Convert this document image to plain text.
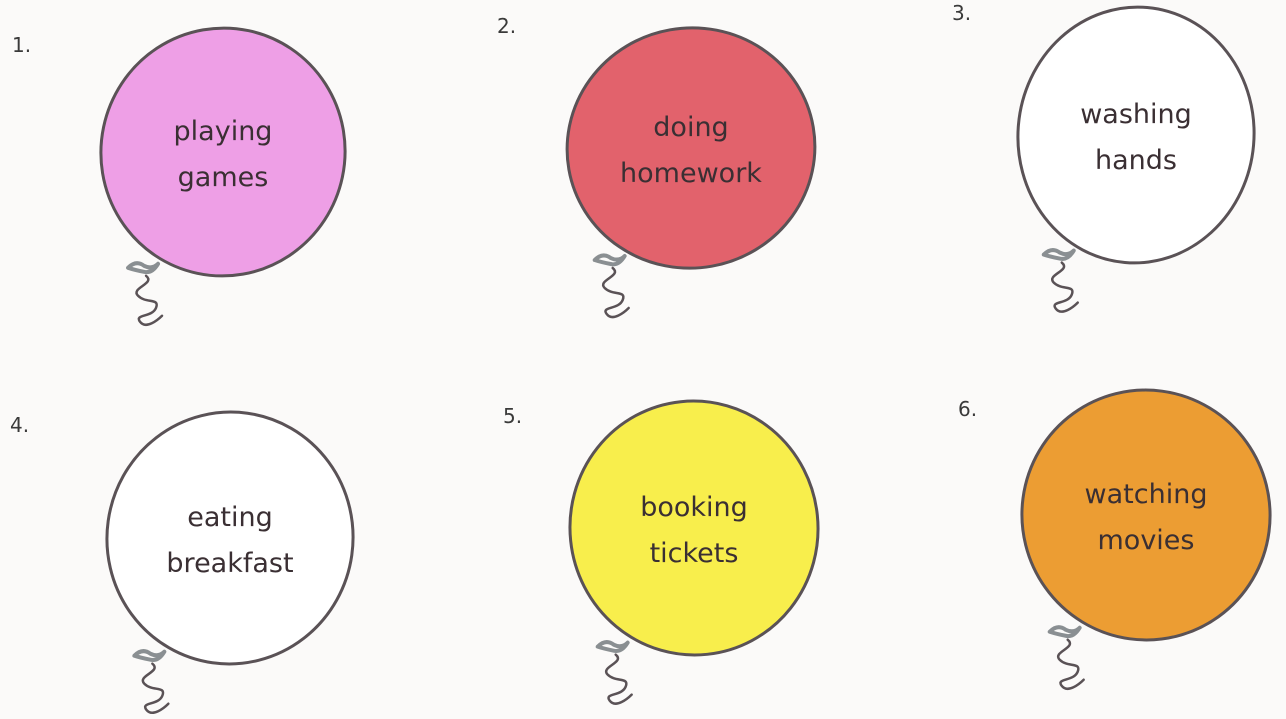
1.
playing
games
2.
doing
homework
3.
washing
hands
4.
eating
breakfast
5.
booking
tickets
6.
watching
movies
